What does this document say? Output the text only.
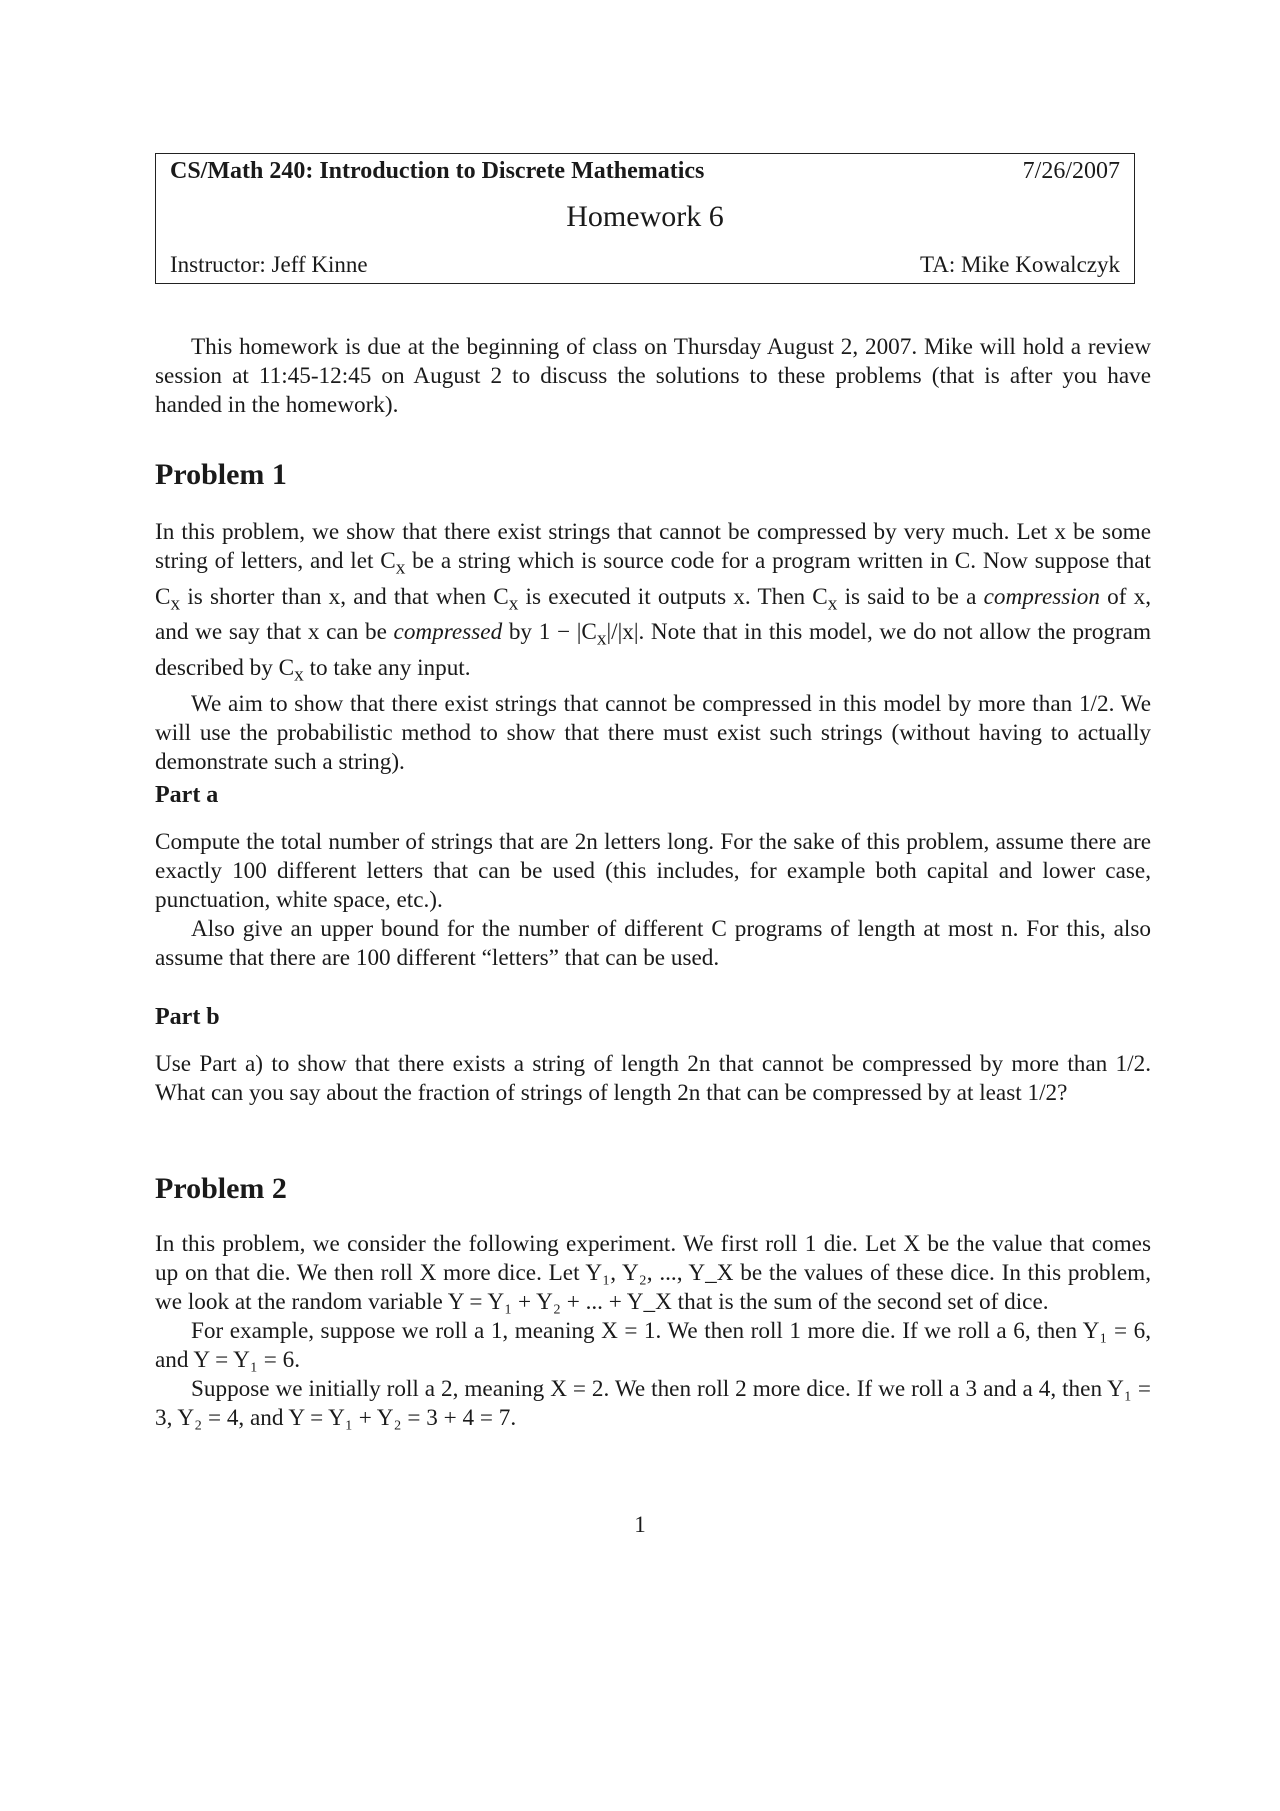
CS/Math 240: Introduction to Discrete Mathematics	7/26/2007
Homework 6
Instructor: Jeff Kinne	TA: Mike Kowalczyk

This homework is due at the beginning of class on Thursday August 2, 2007. Mike will hold a review session at 11:45-12:45 on August 2 to discuss the solutions to these problems (that is after you have handed in the homework).

Problem 1

In this problem, we show that there exist strings that cannot be compressed by very much. Let x be some string of letters, and let $C_x$ be a string which is source code for a program written in C. Now suppose that $C_x$ is shorter than x, and that when $C_x$ is executed it outputs x. Then $C_x$ is said to be a compression of x, and we say that x can be compressed by $1 - |C_x|/|x|$. Note that in this model, we do not allow the program described by $C_x$ to take any input.

We aim to show that there exist strings that cannot be compressed in this model by more than 1/2. We will use the probabilistic method to show that there must exist such strings (without having to actually demonstrate such a string).

Part a

Compute the total number of strings that are 2n letters long. For the sake of this problem, assume there are exactly 100 different letters that can be used (this includes, for example both capital and lower case, punctuation, white space, etc.).

Also give an upper bound for the number of different C programs of length at most n. For this, also assume that there are 100 different “letters” that can be used.

Part b

Use Part a) to show that there exists a string of length 2n that cannot be compressed by more than 1/2. What can you say about the fraction of strings of length 2n that can be compressed by at least 1/2?

Problem 2

In this problem, we consider the following experiment. We first roll 1 die. Let X be the value that comes up on that die. We then roll X more dice. Let Y₁, Y₂, ..., Y_X be the values of these dice. In this problem, we look at the random variable Y = Y₁ + Y₂ + ... + Y_X that is the sum of the second set of dice.

For example, suppose we roll a 1, meaning X = 1. We then roll 1 more die. If we roll a 6, then Y₁ = 6, and Y = Y₁ = 6.

Suppose we initially roll a 2, meaning X = 2. We then roll 2 more dice. If we roll a 3 and a 4, then Y₁ = 3, Y₂ = 4, and Y = Y₁ + Y₂ = 3 + 4 = 7.

1
